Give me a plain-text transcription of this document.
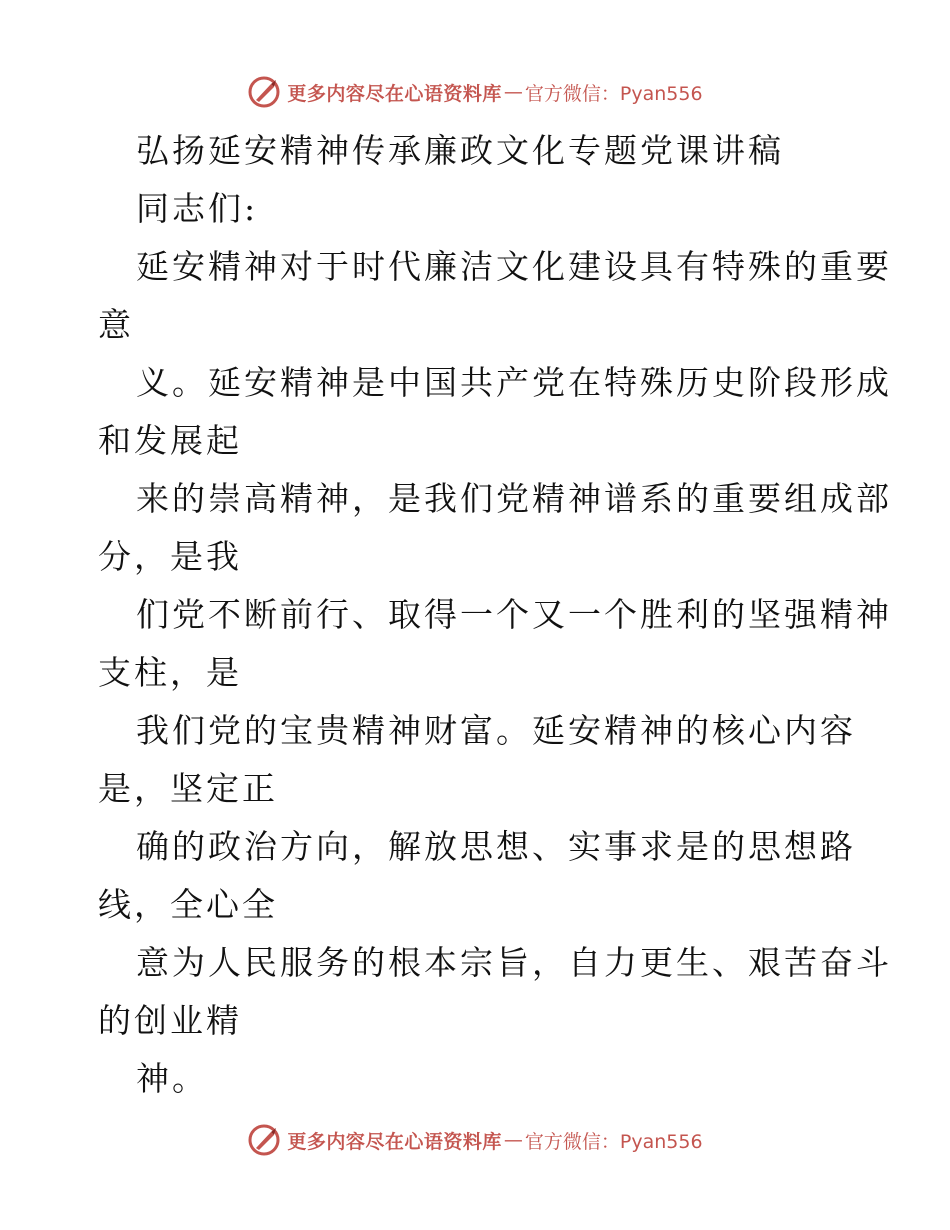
更多内容尽在心语资料库 — 官方微信：Pyan556
弘扬延安精神传承廉政文化专题党课讲稿
同志们:
延安精神对于时代廉洁文化建设具有特殊的重要
意
义。延安精神是中国共产党在特殊历史阶段形成
和发展起
来的崇高精神，是我们党精神谱系的重要组成部
分，是我
们党不断前行、取得一个又一个胜利的坚强精神
支柱，是
我们党的宝贵精神财富。延安精神的核心内容
是，坚定正
确的政治方向，解放思想、实事求是的思想路
线，全心全
意为人民服务的根本宗旨，自力更生、艰苦奋斗
的创业精
神。
更多内容尽在心语资料库 — 官方微信：Pyan556
